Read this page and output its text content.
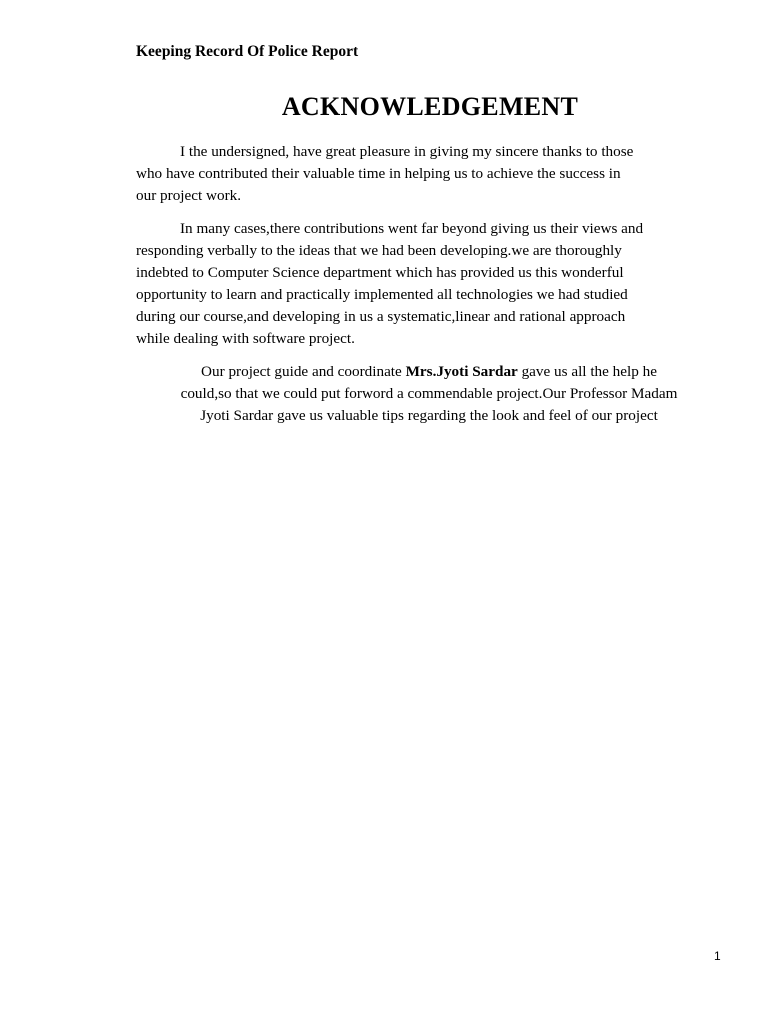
Keeping Record Of Police Report
ACKNOWLEDGEMENT
I the undersigned, have great pleasure in giving my sincere thanks to those
who have contributed their valuable time in helping us to achieve the success in
our project work.
In many cases,there contributions went far beyond giving us their views and
responding verbally to the ideas that we had been developing.we are thoroughly
indebted to Computer Science department which has provided us this wonderful
opportunity to learn and practically implemented all technologies we had studied
during our course,and developing in us a systematic,linear and rational approach
while dealing with software project.
Our project guide and coordinate Mrs.Jyoti Sardar gave us all the help he
could,so that we could put forword a commendable project.Our Professor Madam
Jyoti Sardar gave us valuable tips regarding the look and feel of our project
1
